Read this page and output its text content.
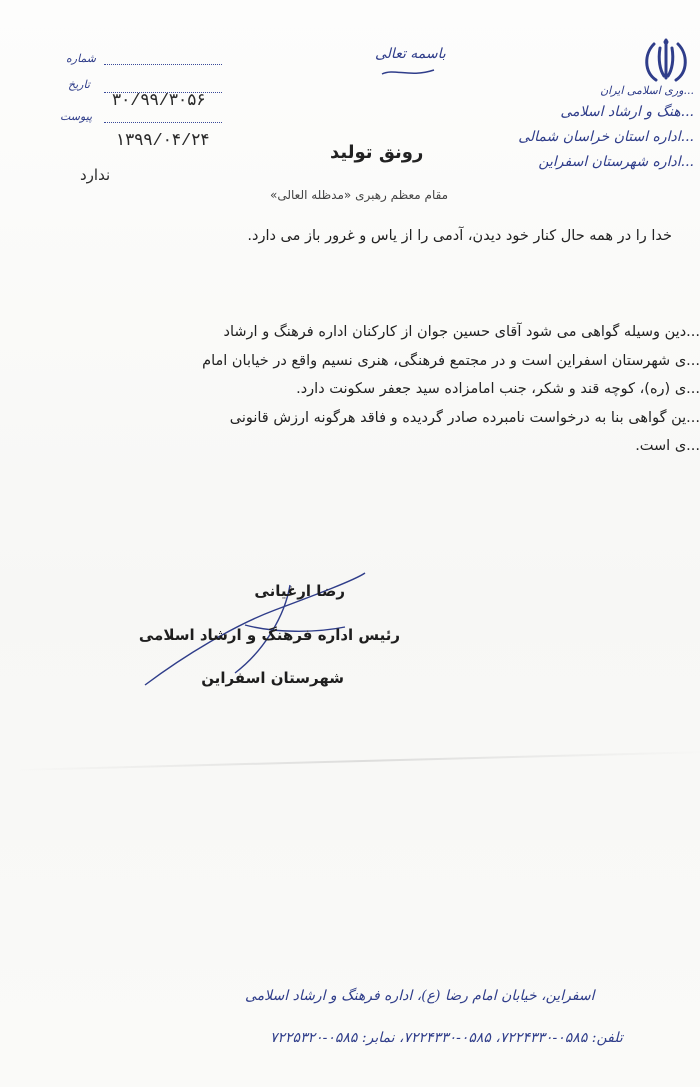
...وری اسلامی ایران
...هنگ و ارشاد اسلامی
...اداره استان خراسان شمالی
...اداره شهرستان اسفراین
باسمه تعالی
شماره
تاریخ
۳۰/۹۹/۳۰۵۶
پیوست
۱۳۹۹/۰۴/۲۴
ندارد
رونق تولید
مقام معظم رهبری «مدظله العالی»
خدا را در همه حال کنار خود دیدن، آدمی را از یاس و غرور باز می دارد.

...دین وسیله گواهی می شود آقای حسین جوان از کارکنان اداره فرهنگ و ارشاد

...ی شهرستان اسفراین است و در مجتمع فرهنگی، هنری نسیم واقع در خیابان امام

...ی (ره)، کوچه قند و شکر، جنب امامزاده سید جعفر سکونت دارد.

...ین گواهی بنا به درخواست نامبرده صادر گردیده و فاقد هرگونه ارزش قانونی

...ی است.

رضا ارغیانی
رئیس اداره فرهنگ و ارشاد اسلامی
شهرستان اسفراین
اسفراین، خیابان امام رضا (ع)، اداره فرهنگ و ارشاد اسلامی
تلفن: ۰۵۸۵-۷۲۲۴۳۳۰، ۰۵۸۵-۷۲۲۴۳۳۰، نمابر: ۰۵۸۵-۷۲۲۵۳۲۰
